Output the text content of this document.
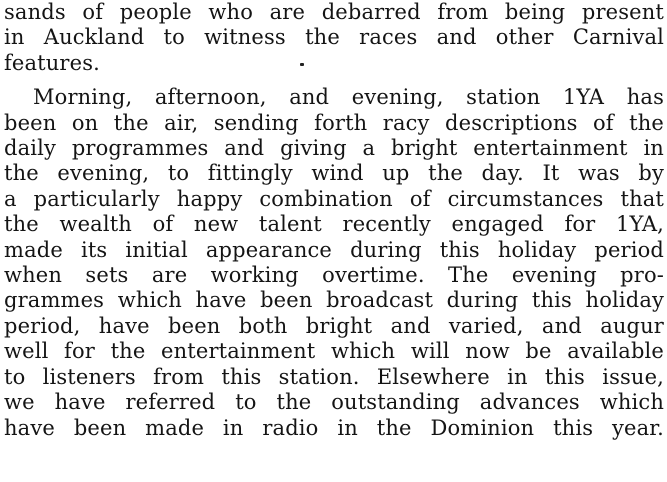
sands of people who are debarred from being present
in Auckland to witness the races and other Carnival
features.
Morning, afternoon, and evening, station 1YA has
been on the air, sending forth racy descriptions of the
daily programmes and giving a bright entertainment in
the evening, to fittingly wind up the day. It was by
a particularly happy combination of circumstances that
the wealth of new talent recently engaged for 1YA,
made its initial appearance during this holiday period
when sets are working overtime. The evening pro-
grammes which have been broadcast during this holiday
period, have been both bright and varied, and augur
well for the entertainment which will now be available
to listeners from this station. Elsewhere in this issue,
we have referred to the outstanding advances which
have been made in radio in the Dominion this year.
